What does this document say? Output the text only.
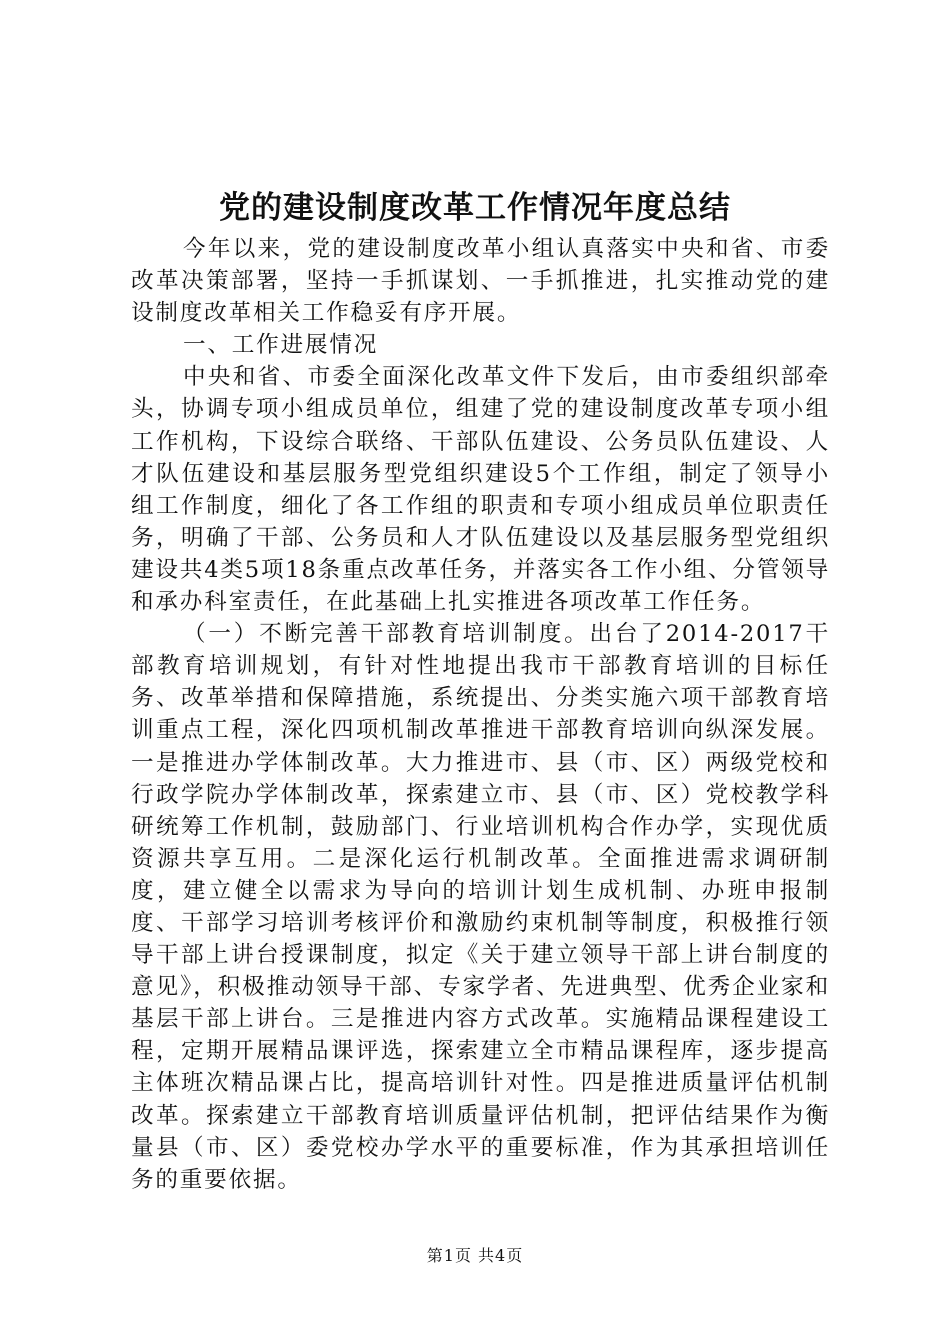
党的建设制度改革工作情况年度总结

今年以来，党的建设制度改革小组认真落实中央和省、市委改革决策部署，坚持一手抓谋划、一手抓推进，扎实推动党的建设制度改革相关工作稳妥有序开展。

一、工作进展情况

中央和省、市委全面深化改革文件下发后，由市委组织部牵头，协调专项小组成员单位，组建了党的建设制度改革专项小组工作机构，下设综合联络、干部队伍建设、公务员队伍建设、人才队伍建设和基层服务型党组织建设5个工作组，制定了领导小组工作制度，细化了各工作组的职责和专项小组成员单位职责任务，明确了干部、公务员和人才队伍建设以及基层服务型党组织建设共4类5项18条重点改革任务，并落实各工作小组、分管领导和承办科室责任，在此基础上扎实推进各项改革工作任务。

（一）不断完善干部教育培训制度。出台了2014-2017干部教育培训规划，有针对性地提出我市干部教育培训的目标任务、改革举措和保障措施，系统提出、分类实施六项干部教育培训重点工程，深化四项机制改革推进干部教育培训向纵深发展。一是推进办学体制改革。大力推进市、县（市、区）两级党校和行政学院办学体制改革，探索建立市、县（市、区）党校教学科研统筹工作机制，鼓励部门、行业培训机构合作办学，实现优质资源共享互用。二是深化运行机制改革。全面推进需求调研制度，建立健全以需求为导向的培训计划生成机制、办班申报制度、干部学习培训考核评价和激励约束机制等制度，积极推行领导干部上讲台授课制度，拟定《关于建立领导干部上讲台制度的意见》，积极推动领导干部、专家学者、先进典型、优秀企业家和基层干部上讲台。三是推进内容方式改革。实施精品课程建设工程，定期开展精品课评选，探索建立全市精品课程库，逐步提高主体班次精品课占比，提高培训针对性。四是推进质量评估机制改革。探索建立干部教育培训质量评估机制，把评估结果作为衡量县（市、区）委党校办学水平的重要标准，作为其承担培训任务的重要依据。

第1页 共4页
